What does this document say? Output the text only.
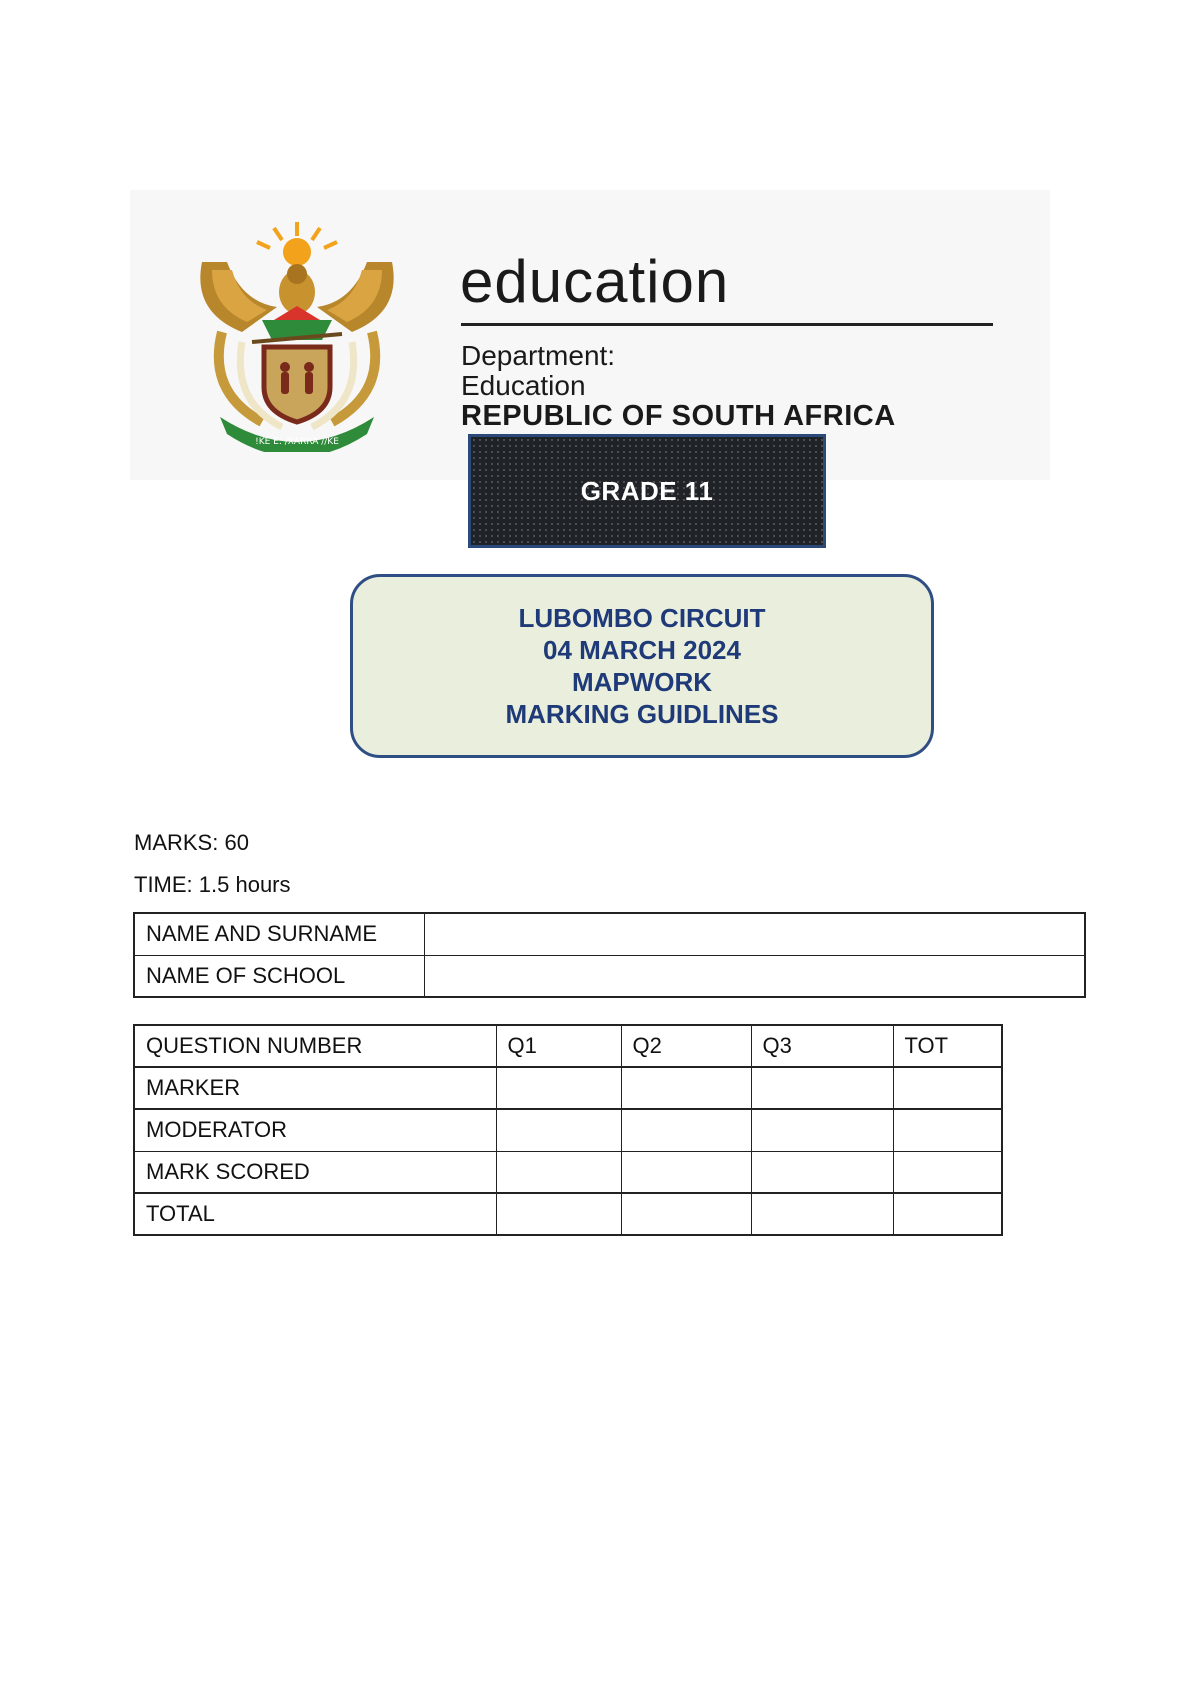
!KE E: /XARRA //KE
education
Department:
Education
REPUBLIC OF SOUTH AFRICA
GRADE 11
LUBOMBO CIRCUIT
04 MARCH 2024
MAPWORK
MARKING GUIDLINES
MARKS: 60
TIME: 1.5 hours
NAME AND SURNAME	
NAME OF SCHOOL	
QUESTION NUMBER	Q1	Q2	Q3	TOT
MARKER				
MODERATOR				
MARK SCORED				
TOTAL				
